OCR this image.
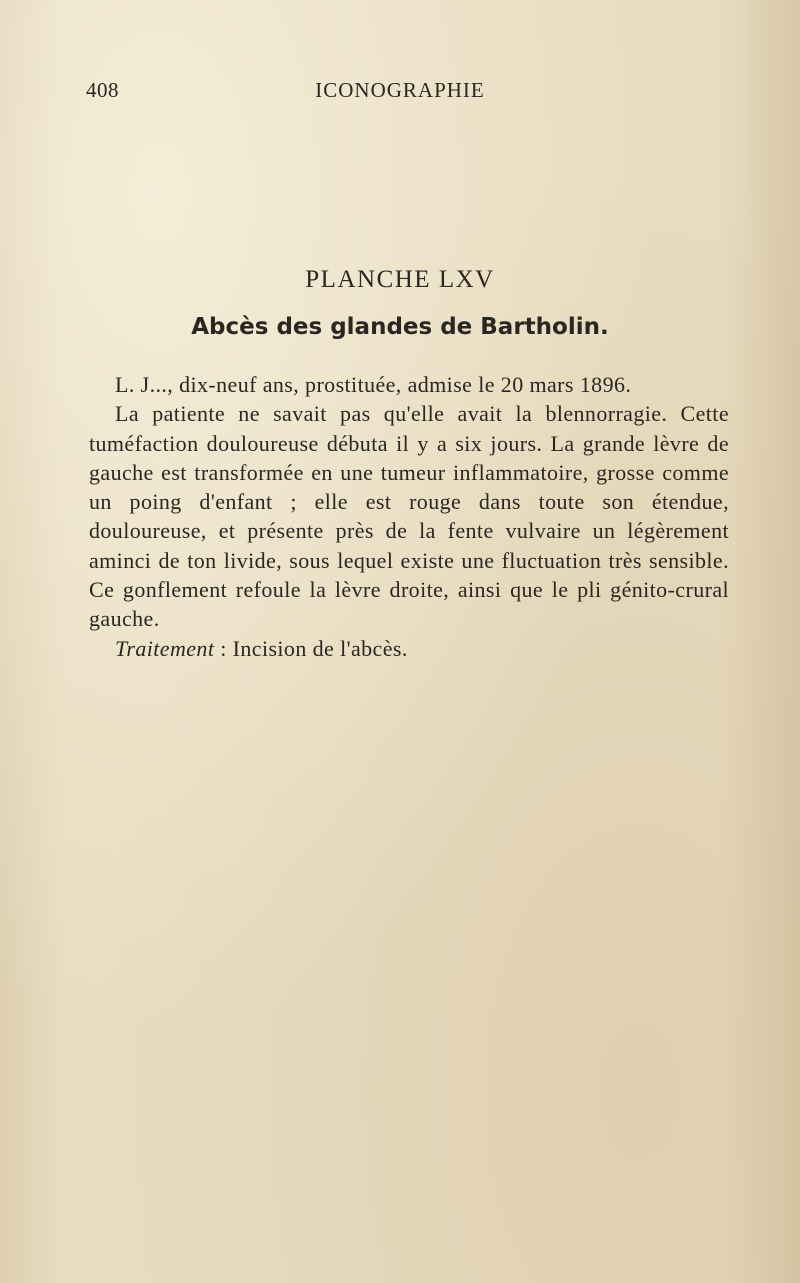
408	ICONOGRAPHIE
PLANCHE LXV
Abcès des glandes de Bartholin.

L. J..., dix-neuf ans, prostituée, admise le 20 mars 1896.

La patiente ne savait pas qu'elle avait la blennorragie. Cette tuméfaction douloureuse débuta il y a six jours. La grande lèvre de gauche est transformée en une tumeur inflammatoire, grosse comme un poing d'enfant ; elle est rouge dans toute son étendue, douloureuse, et présente près de la fente vulvaire un légèrement aminci de ton livide, sous lequel existe une fluctuation très sensible. Ce gonflement refoule la lèvre droite, ainsi que le pli génito-crural gauche.

Traitement : Incision de l'abcès.
